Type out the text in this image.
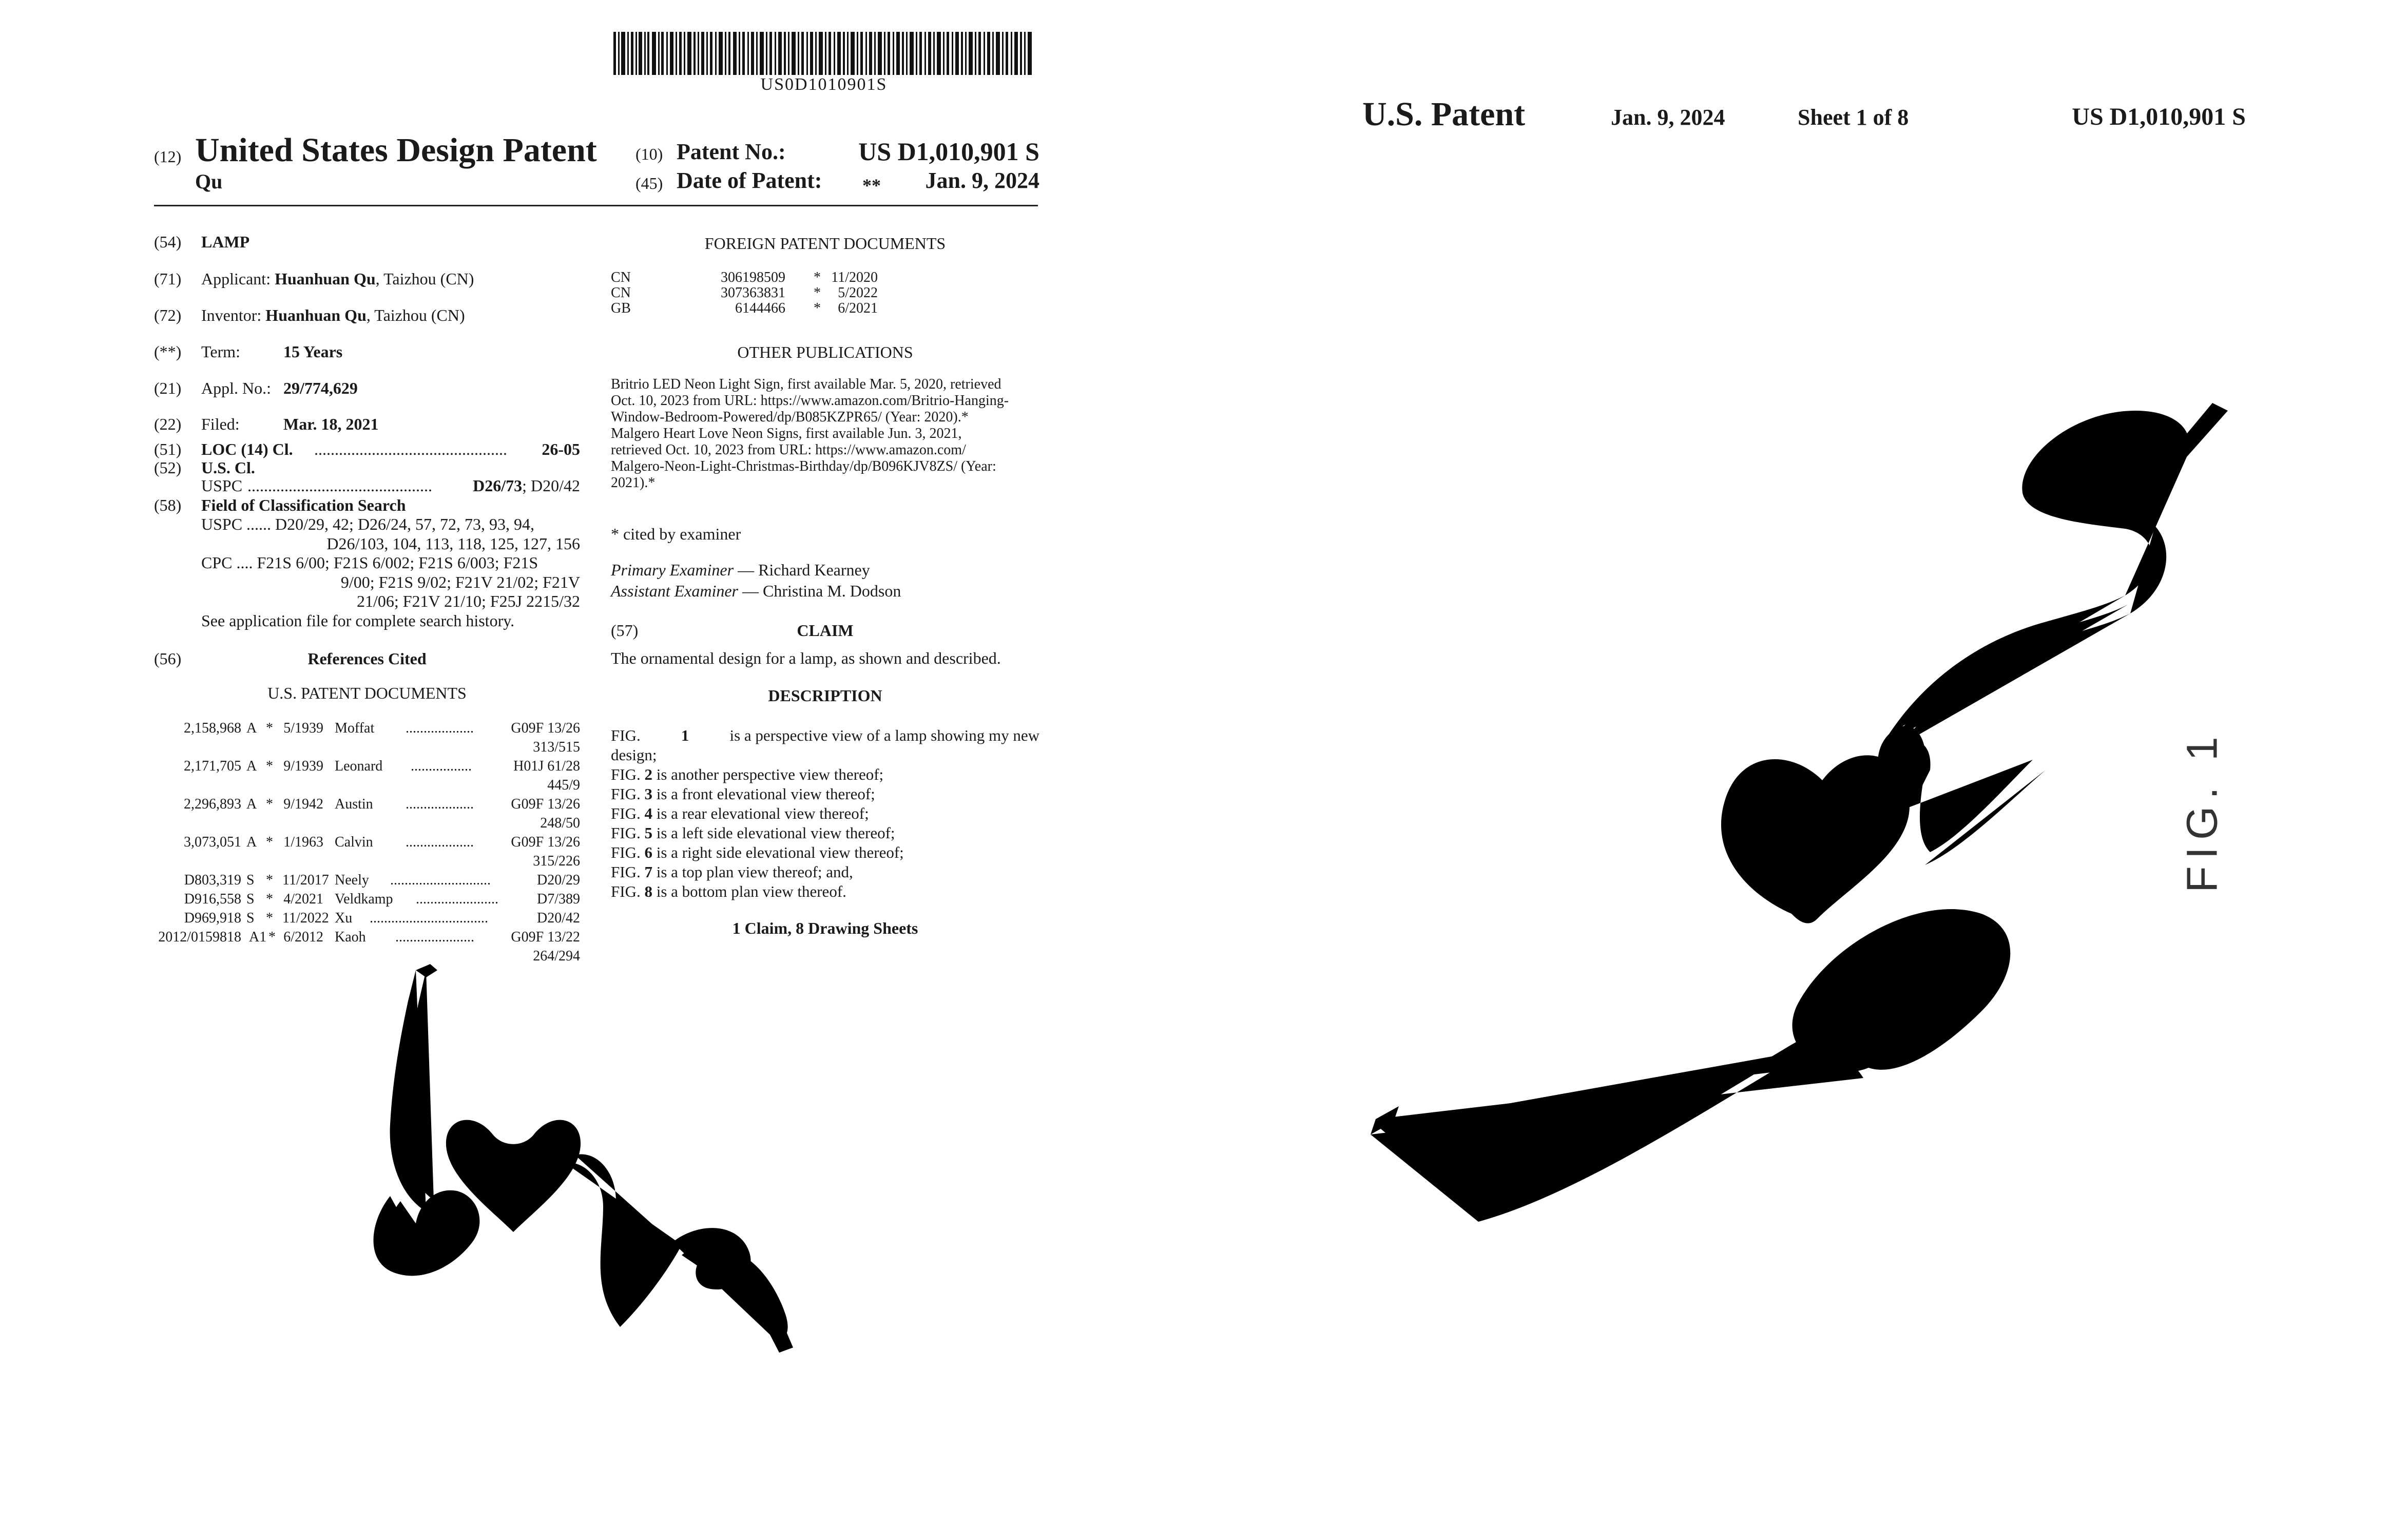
US0D1010901S
(12) United States Design Patent
Qu
(10) Patent No.:	US D1,010,901 S
(45) Date of Patent: **	Jan. 9, 2024
(54) LAMP
(71) Applicant: Huanhuan Qu, Taizhou (CN)
(72) Inventor: Huanhuan Qu, Taizhou (CN)
(**) Term:	15 Years
(21) Appl. No.: 29/774,629
(22) Filed:	Mar. 18, 2021
(51) LOC (14) Cl. ...............................................	26-05
(52) U.S. Cl.
USPC .............................................	D26/73; D20/42
(58) Field of Classification Search
USPC ...... D20/29, 42; D26/24, 57, 72, 73, 93, 94,
D26/103, 104, 113, 118, 125, 127, 156
CPC .... F21S 6/00; F21S 6/002; F21S 6/003; F21S
9/00; F21S 9/02; F21V 21/02; F21V
21/06; F21V 21/10; F25J 2215/32
See application file for complete search history.
(56)	References Cited
U.S. PATENT DOCUMENTS
2,158,968 A * 5/1939 Moffat ...................	G09F 13/26
313/515
2,171,705 A * 9/1939 Leonard .................	H01J 61/28
445/9
2,296,893 A * 9/1942 Austin ...................	G09F 13/26
248/50
3,073,051 A * 1/1963 Calvin ...................	G09F 13/26
315/226
D803,319 S * 11/2017 Neely ............................	D20/29
D916,558 S * 4/2021 Veldkamp .......................	D7/389
D969,918 S * 11/2022 Xu .................................	D20/42
2012/0159818 A1 * 6/2012 Kaoh ......................	G09F 13/22
264/294
FOREIGN PATENT DOCUMENTS
CN	306198509 * 11/2020
CN	307363831 *	5/2022
GB	6144466 *	6/2021
OTHER PUBLICATIONS
Britrio LED Neon Light Sign, first available Mar. 5, 2020, retrieved
Oct. 10, 2023 from URL: https://www.amazon.com/Britrio-Hanging-
Window-Bedroom-Powered/dp/B085KZPR65/ (Year: 2020).*
Malgero Heart Love Neon Signs, first available Jun. 3, 2021,
retrieved Oct. 10, 2023 from URL: https://www.amazon.com/
Malgero-Neon-Light-Christmas-Birthday/dp/B096KJV8ZS/ (Year:
2021).*
* cited by examiner
Primary Examiner — Richard Kearney
Assistant Examiner — Christina M. Dodson
(57)	CLAIM
The ornamental design for a lamp, as shown and described.
DESCRIPTION
FIG.	1	is a perspective view of a lamp showing my new
design;
FIG. 2 is another perspective view thereof;
FIG. 3 is a front elevational view thereof;
FIG. 4 is a rear elevational view thereof;
FIG. 5 is a left side elevational view thereof;
FIG. 6 is a right side elevational view thereof;
FIG. 7 is a top plan view thereof; and,
FIG. 8 is a bottom plan view thereof.
1 Claim, 8 Drawing Sheets
U.S. Patent	Jan. 9, 2024	Sheet 1 of 8	US D1,010,901 S
FIG. 1
